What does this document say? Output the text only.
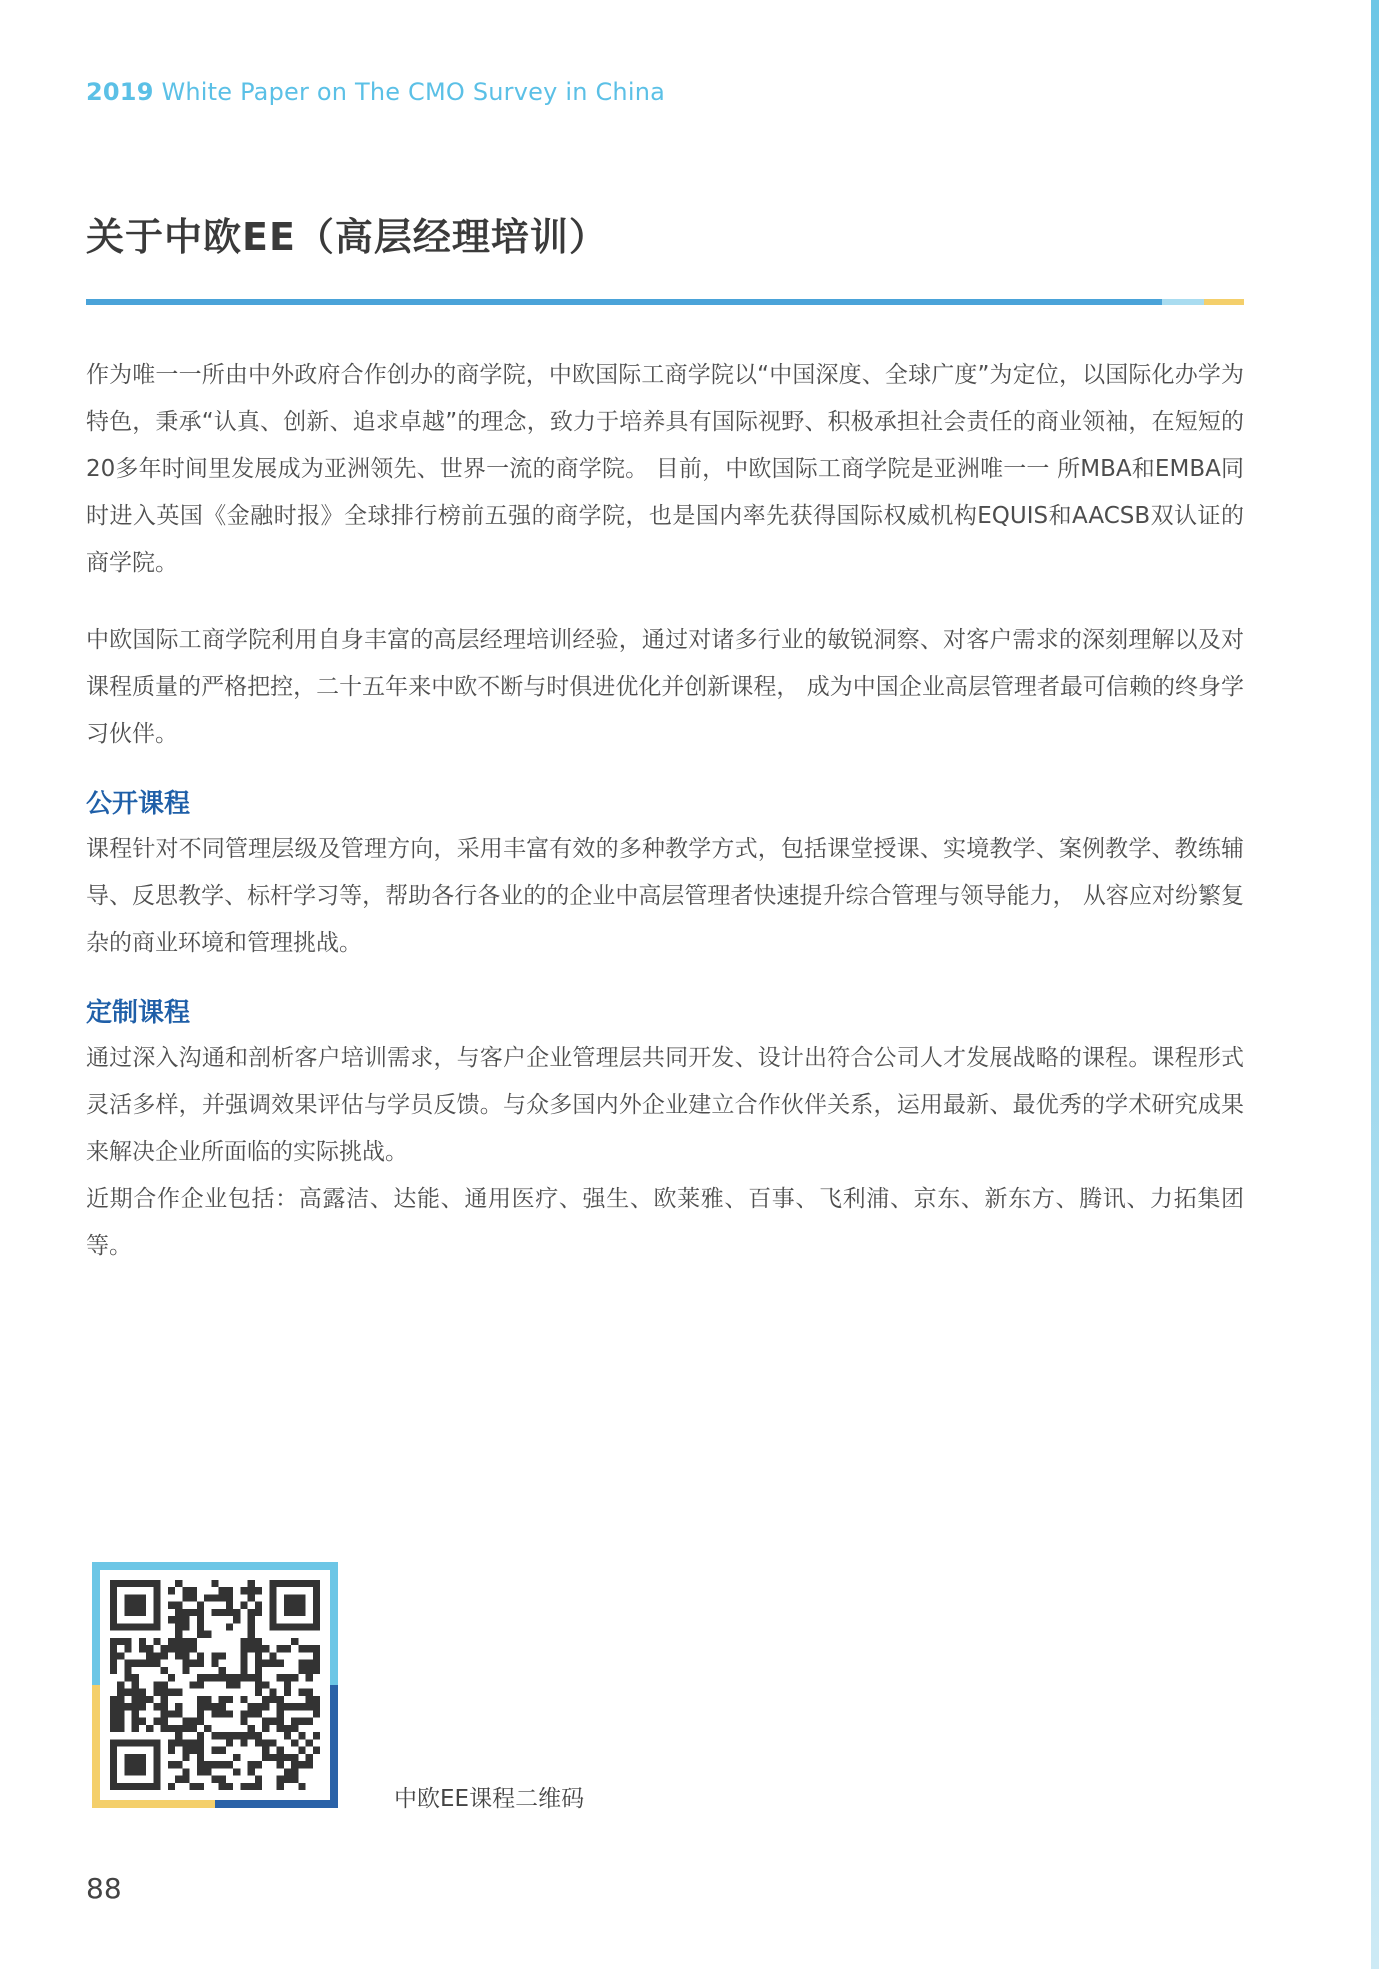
2019 White Paper on The CMO Survey in China
关于中欧EE（高层经理培训）

作为唯一一所由中外政府合作创办的商学院，中欧国际工商学院以“中国深度、全球广度”为定位，以国际化办学为特色，秉承“认真、创新、追求卓越”的理念，致力于培养具有国际视野、积极承担社会责任的商业领袖，在短短的20多年时间里发展成为亚洲领先、世界一流的商学院。 目前，中欧国际工商学院是亚洲唯一一 所MBA和EMBA同时进入英国《金融时报》全球排行榜前五强的商学院，也是国内率先获得国际权威机构EQUIS和AACSB双认证的商学院。

中欧国际工商学院利用自身丰富的高层经理培训经验，通过对诸多行业的敏锐洞察、对客户需求的深刻理解以及对课程质量的严格把控，二十五年来中欧不断与时俱进优化并创新课程， 成为中国企业高层管理者最可信赖的终身学习伙伴。

公开课程

课程针对不同管理层级及管理方向，采用丰富有效的多种教学方式，包括课堂授课、实境教学、案例教学、教练辅导、反思教学、标杆学习等，帮助各行各业的的企业中高层管理者快速提升综合管理与领导能力， 从容应对纷繁复杂的商业环境和管理挑战。

定制课程

通过深入沟通和剖析客户培训需求，与客户企业管理层共同开发、设计出符合公司人才发展战略的课程。课程形式灵活多样，并强调效果评估与学员反馈。与众多国内外企业建立合作伙伴关系，运用最新、最优秀的学术研究成果来解决企业所面临的实际挑战。

近期合作企业包括：高露洁、达能、通用医疗、强生、欧莱雅、百事、飞利浦、京东、新东方、腾讯、力拓集团等。

中欧EE课程二维码
88
